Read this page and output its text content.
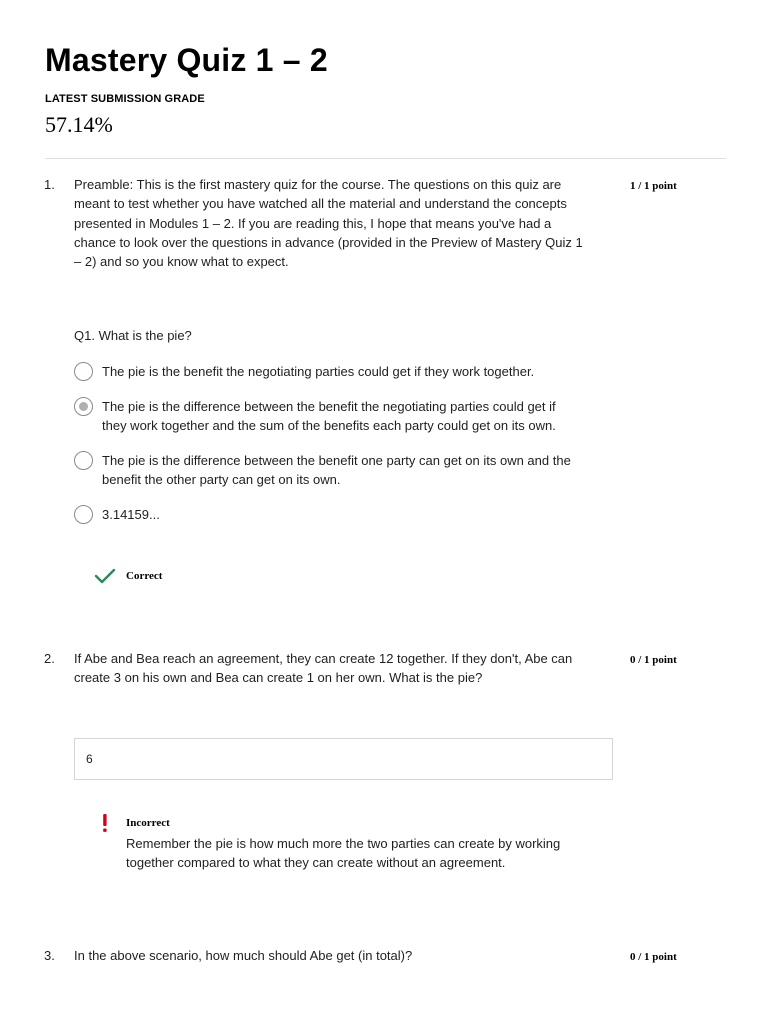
Mastery Quiz 1 – 2
LATEST SUBMISSION GRADE
57.14%
1.	1 / 1 point
Preamble: This is the first mastery quiz for the course. The questions on this quiz are
meant to test whether you have watched all the material and understand the concepts
presented in Modules 1 – 2. If you are reading this, I hope that means you've had a
chance to look over the questions in advance (provided in the Preview of Mastery Quiz 1
– 2) and so you know what to expect.
Q1. What is the pie?
The pie is the benefit the negotiating parties could get if they work together.
The pie is the difference between the benefit the negotiating parties could get if
they work together and the sum of the benefits each party could get on its own.
The pie is the difference between the benefit one party can get on its own and the
benefit the other party can get on its own.
3.14159...
Correct
2.	0 / 1 point
If Abe and Bea reach an agreement, they can create 12 together. If they don't, Abe can
create 3 on his own and Bea can create 1 on her own. What is the pie?
6
Incorrect
Remember the pie is how much more the two parties can create by working
together compared to what they can create without an agreement.
3.	0 / 1 point
In the above scenario, how much should Abe get (in total)?
